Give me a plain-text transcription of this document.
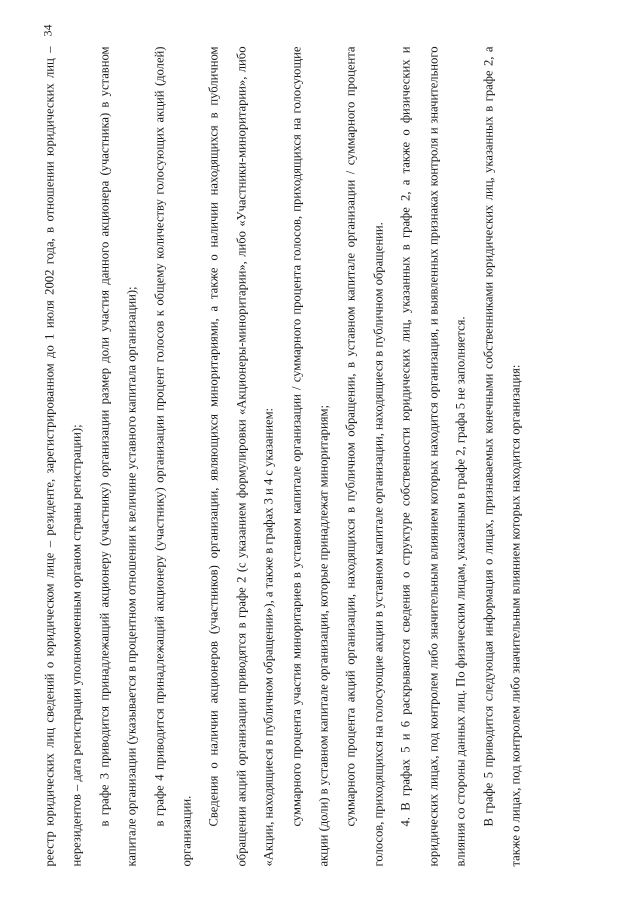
34

реестр юридических лиц сведений о юридическом лице – резиденте, зарегистрированном до 1 июля 2002 года, в отношении юридических лиц – нерезидентов – дата регистрации уполномоченным органом страны регистрации);	в графе 3 приводится принадлежащий акционеру (участнику) организации размер доли участия данного акционера (участника) в уставном капитале организации (указывается в процентном отношении к величине уставного капитала организации);	в графе 4 приводится принадлежащий акционеру (участнику) организации процент голосов к общему количеству голосующих акций (долей) организации.

Сведения о наличии акционеров (участников) организации, являющихся миноритариями, а также о наличии находящихся в публичном обращении акций организации приводятся в графе 2 (с указанием формулировки «Акционеры-миноритарии», либо «Участники-миноритарии», либо «Акции, находящиеся в публичном обращении»), а также в графах 3 и 4 с указанием:	суммарного процента участия миноритариев в уставном капитале организации / суммарного процента голосов, приходящихся на голосующие акции (доли) в уставном капитале организации, которые принадлежат миноритариям;	суммарного процента акций организации, находящихся в публичном обращении, в уставном капитале организации / суммарного процента голосов, приходящихся на голосующие акции в уставном капитале организации, находящиеся в публичном обращении.	4. В графах 5 и 6 раскрываются сведения о структуре собственности юридических лиц, указанных в графе 2, а также о физических и юридических лицах, под контролем либо значительным влиянием которых находится организация, и выявленных признаках контроля и значительного влияния со стороны данных лиц. По физическим лицам, указанным в графе 2, графа 5 не заполняется.	В графе 5 приводится следующая информация о лицах, признаваемых конечными собственниками юридических лиц, указанных в графе 2, а также о лицах, под контролем либо значительным влиянием которых находится организация:
